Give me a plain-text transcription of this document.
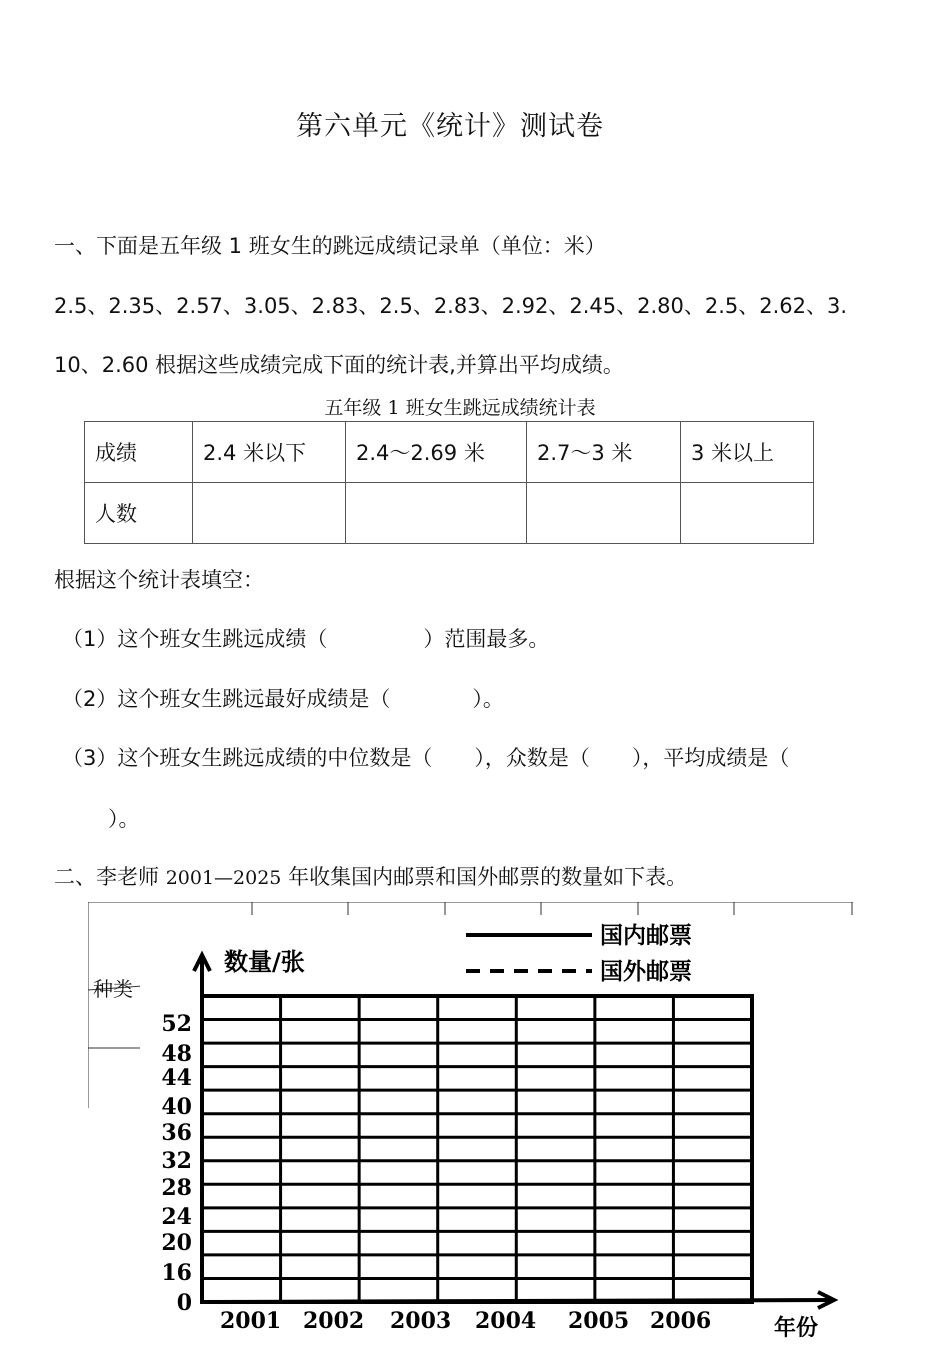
第六单元《统计》测试卷
一、下面是五年级 1 班女生的跳远成绩记录单（单位：米）
2.5、2.35、2.57、3.05、2.83、2.5、2.83、2.92、2.45、2.80、2.5、2.62、3.
10、2.60 根据这些成绩完成下面的统计表,并算出平均成绩。
五年级 1 班女生跳远成绩统计表
成绩	2.4 米以下	2.4～2.69 米	2.7～3 米	3 米以上
人数				
根据这个统计表填空：
（1）这个班女生跳远成绩（	）范围最多。
（2）这个班女生跳远最好成绩是（	）。
（3）这个班女生跳远成绩的中位数是（　　），众数是（　　），平均成绩是（
）。
二、李老师 2001—2025 年收集国内邮票和国外邮票的数量如下表。
种类
0
16
20
24
28
32
36
40
44
48
52
2001 2002 2003 2004 2005 2006
数量/张
年份
国内邮票
国外邮票
